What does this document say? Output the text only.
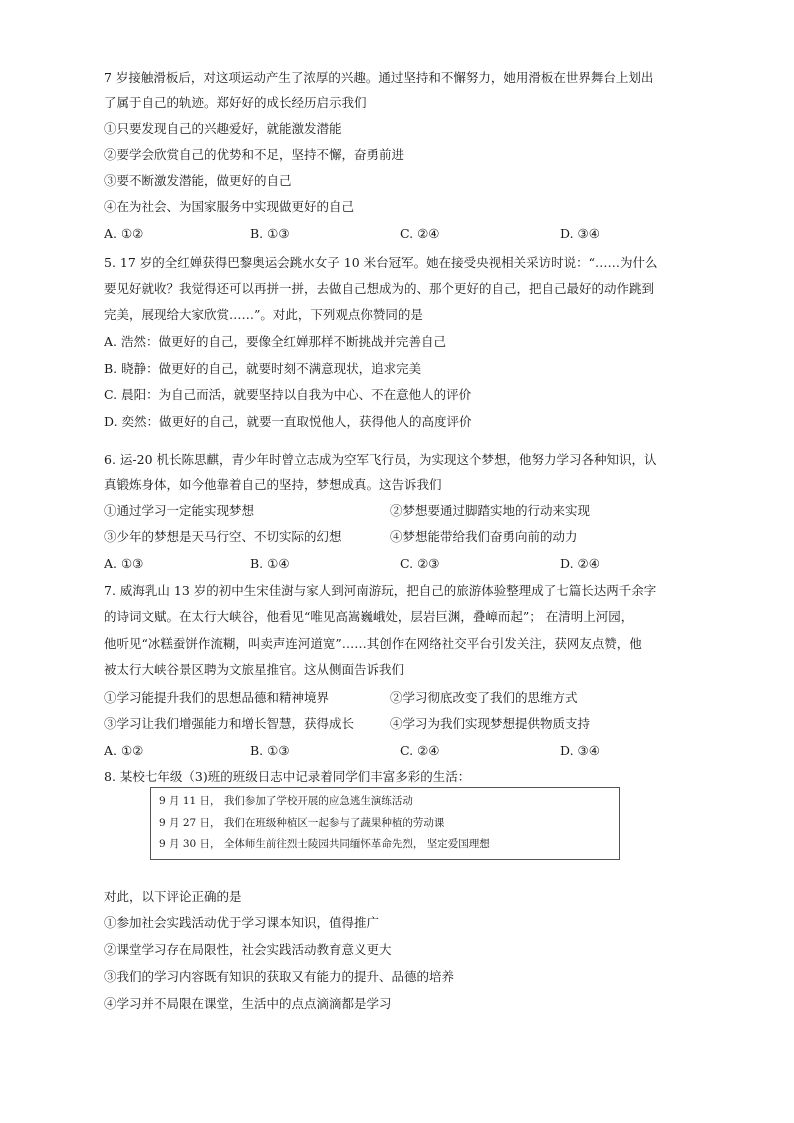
7 岁接触滑板后，对这项运动产生了浓厚的兴趣。通过坚持和不懈努力，她用滑板在世界舞台上划出
了属于自己的轨迹。郑好好的成长经历启示我们
①只要发现自己的兴趣爱好，就能激发潜能
②要学会欣赏自己的优势和不足，坚持不懈，奋勇前进
③要不断激发潜能，做更好的自己
④在为社会、为国家服务中实现做更好的自己
A. ①②	B. ①③	C. ②④	D. ③④
5. 17 岁的全红婵获得巴黎奥运会跳水女子 10 米台冠军。她在接受央视相关采访时说：“……为什么
要见好就收？我觉得还可以再拼一拼，去做自己想成为的、那个更好的自己，把自己最好的动作跳到
完美，展现给大家欣赏……”。对此，下列观点你赞同的是
A. 浩然：做更好的自己，要像全红婵那样不断挑战并完善自己
B. 晓静：做更好的自己，就要时刻不满意现状，追求完美
C. 晨阳：为自己而活，就要坚持以自我为中心、不在意他人的评价
D. 奕然：做更好的自己，就要一直取悦他人，获得他人的高度评价
6. 运-20 机长陈思麒，青少年时曾立志成为空军飞行员，为实现这个梦想，他努力学习各种知识，认
真锻炼身体，如今他靠着自己的坚持，梦想成真。这告诉我们
①通过学习一定能实现梦想	②梦想要通过脚踏实地的行动来实现
③少年的梦想是天马行空、不切实际的幻想	④梦想能带给我们奋勇向前的动力
A. ①③	B. ①④	C. ②③	D. ②④
7. 威海乳山 13 岁的初中生宋佳澍与家人到河南游玩，把自己的旅游体验整理成了七篇长达两千余字
的诗词文赋。在太行大峡谷，他看见“唯见高嵩巍峨处，层岩巨渊，叠嶂而起”； 在清明上河园，
他听见“冰糕蚕饼作流糊，叫卖声连河道宽”……其创作在网络社交平台引发关注，获网友点赞，他
被太行大峡谷景区聘为文旅星推官。这从侧面告诉我们
①学习能提升我们的思想品德和精神境界	②学习彻底改变了我们的思维方式
③学习让我们增强能力和增长智慧，获得成长	④学习为我们实现梦想提供物质支持
A. ①②	B. ①③	C. ②④	D. ③④
8. 某校七年级（3)班的班级日志中记录着同学们丰富多彩的生活：
9 月 11 日， 我们参加了学校开展的应急逃生演练活动
9 月 27 日， 我们在班级种植区一起参与了蔬果种植的劳动课
9 月 30 日， 全体师生前往烈士陵园共同缅怀革命先烈， 坚定爱国理想
对此，以下评论正确的是
①参加社会实践活动优于学习课本知识，值得推广
②课堂学习存在局限性，社会实践活动教育意义更大
③我们的学习内容既有知识的获取又有能力的提升、品德的培养
④学习并不局限在课堂，生活中的点点滴滴都是学习
